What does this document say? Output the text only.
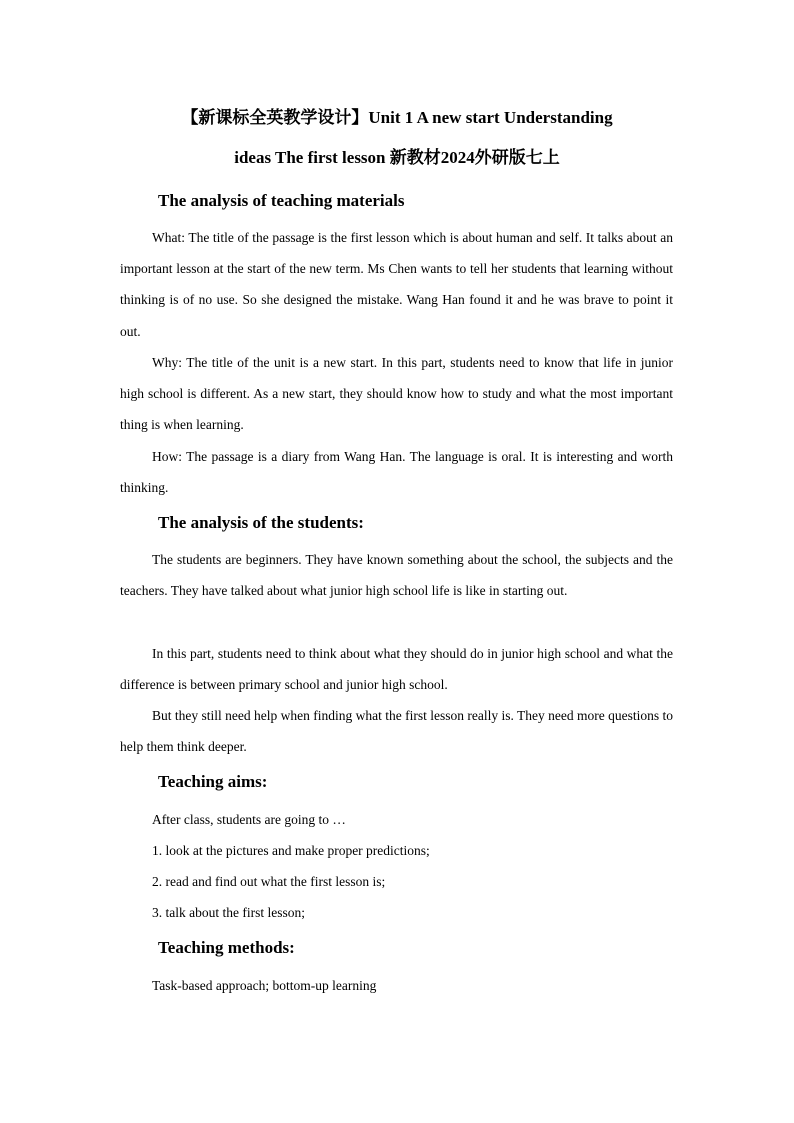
【新课标全英教学设计】Unit 1 A new start Understanding
ideas The first lesson 新教材2024外研版七上
The analysis of teaching materials

What: The title of the passage is the first lesson which is about human and self. It talks about an important lesson at the start of the new term. Ms Chen wants to tell her students that learning without thinking is of no use. So she designed the mistake. Wang Han found it and he was brave to point it out.

Why: The title of the unit is a new start. In this part, students need to know that life in junior high school is different. As a new start, they should know how to study and what the most important thing is when learning.

How: The passage is a diary from Wang Han. The language is oral. It is interesting and worth thinking.

The analysis of the students:

The students are beginners. They have known something about the school, the subjects and the teachers. They have talked about what junior high school life is like in starting out.

In this part, students need to think about what they should do in junior high school and what the difference is between primary school and junior high school.

But they still need help when finding what the first lesson really is. They need more questions to help them think deeper.

Teaching aims:
After class, students are going to …
1. look at the pictures and make proper predictions;
2. read and find out what the first lesson is;
3. talk about the first lesson;
Teaching methods:
Task-based approach; bottom-up learning
